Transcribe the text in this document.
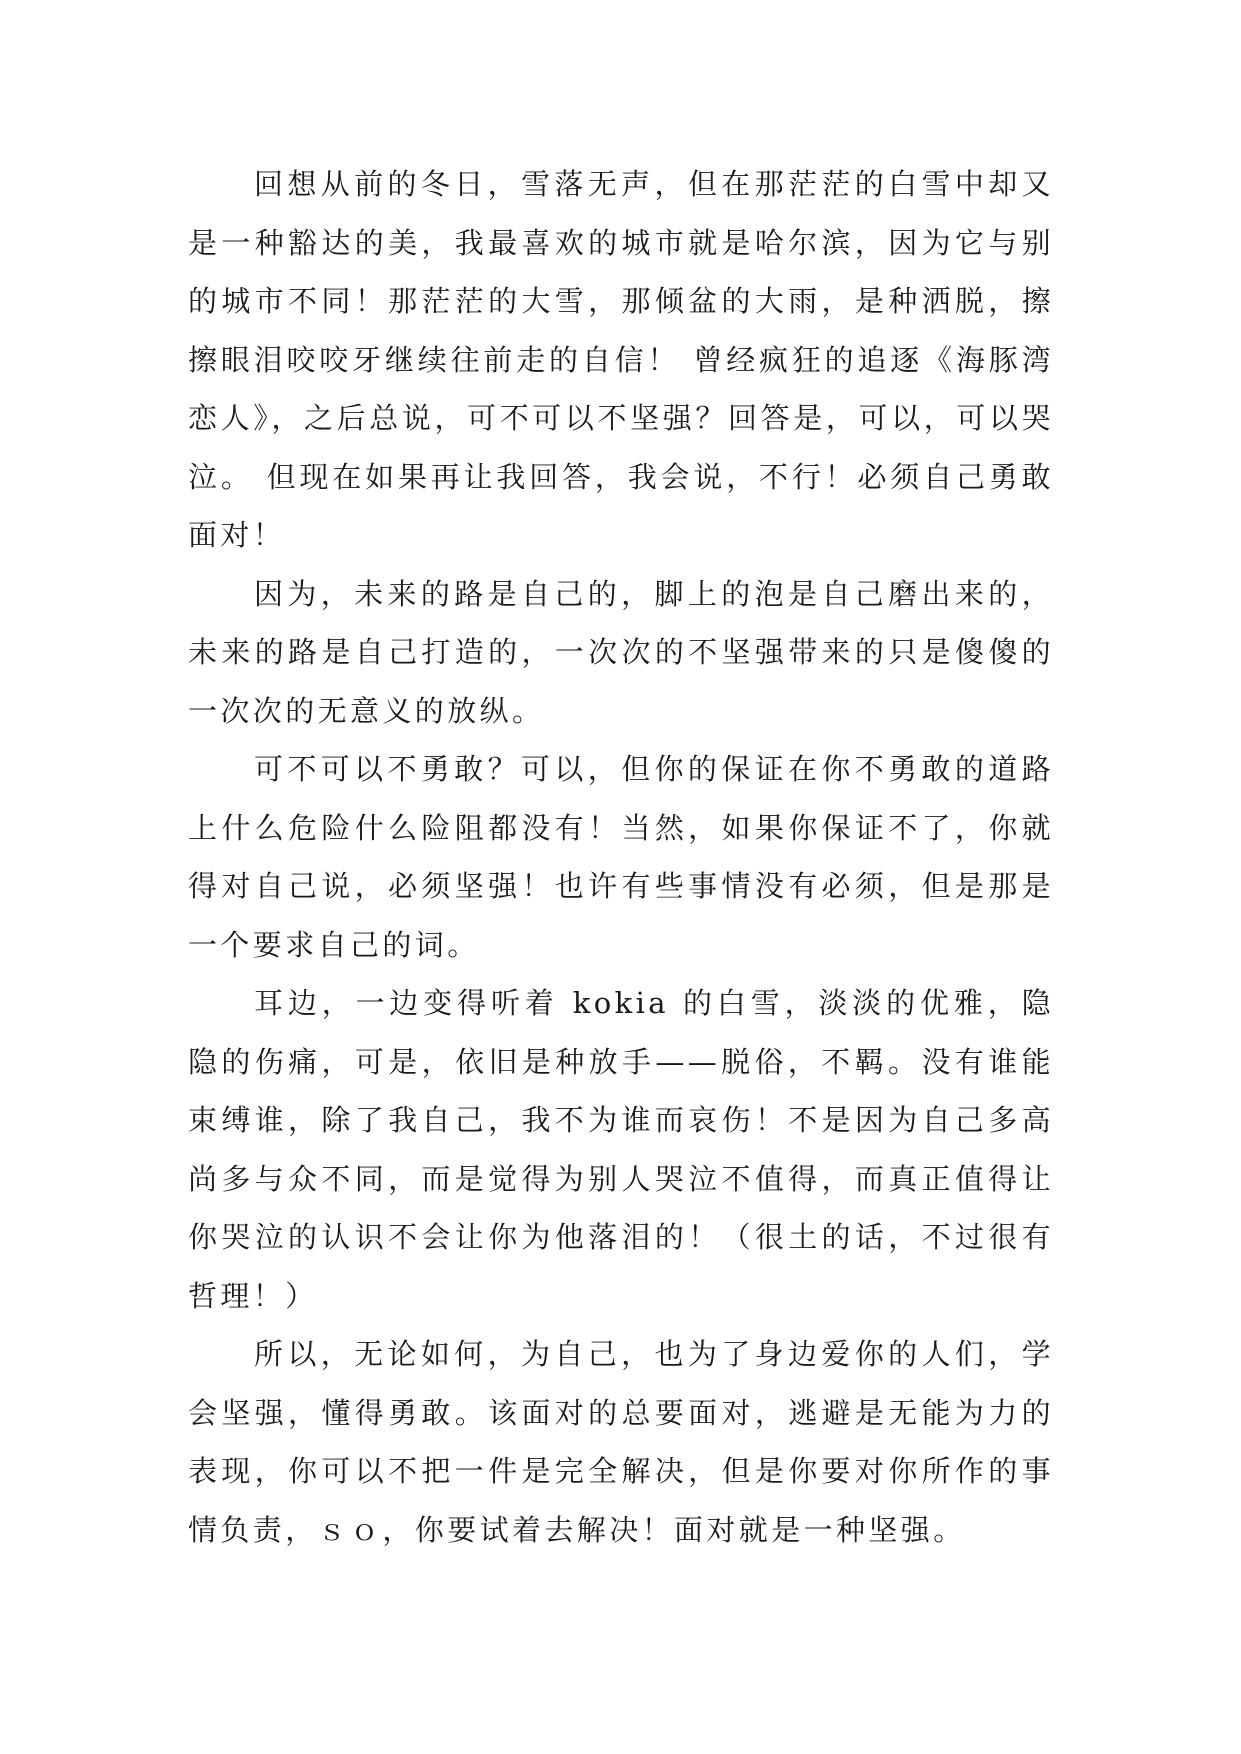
回想从前的冬日，雪落无声，但在那茫茫的白雪中却又是一种豁达的美，我最喜欢的城市就是哈尔滨，因为它与别的城市不同！那茫茫的大雪，那倾盆的大雨，是种洒脱，擦擦眼泪咬咬牙继续往前走的自信！ 曾经疯狂的追逐《海豚湾恋人》，之后总说，可不可以不坚强？回答是，可以，可以哭泣。 但现在如果再让我回答，我会说，不行！必须自己勇敢面对！

因为，未来的路是自己的，脚上的泡是自己磨出来的，未来的路是自己打造的，一次次的不坚强带来的只是傻傻的一次次的无意义的放纵。

可不可以不勇敢？可以，但你的保证在你不勇敢的道路上什么危险什么险阻都没有！当然，如果你保证不了，你就得对自己说，必须坚强！也许有些事情没有必须，但是那是一个要求自己的词。

耳边，一边变得听着 kokia 的白雪，淡淡的优雅，隐隐的伤痛，可是，依旧是种放手——脱俗，不羁。没有谁能束缚谁，除了我自己，我不为谁而哀伤！不是因为自己多高尚多与众不同，而是觉得为别人哭泣不值得，而真正值得让你哭泣的认识不会让你为他落泪的！（很土的话，不过很有哲理！）

所以，无论如何，为自己，也为了身边爱你的人们，学会坚强，懂得勇敢。该面对的总要面对，逃避是无能为力的表现，你可以不把一件是完全解决，但是你要对你所作的事情负责，ｓｏ，你要试着去解决！面对就是一种坚强。
